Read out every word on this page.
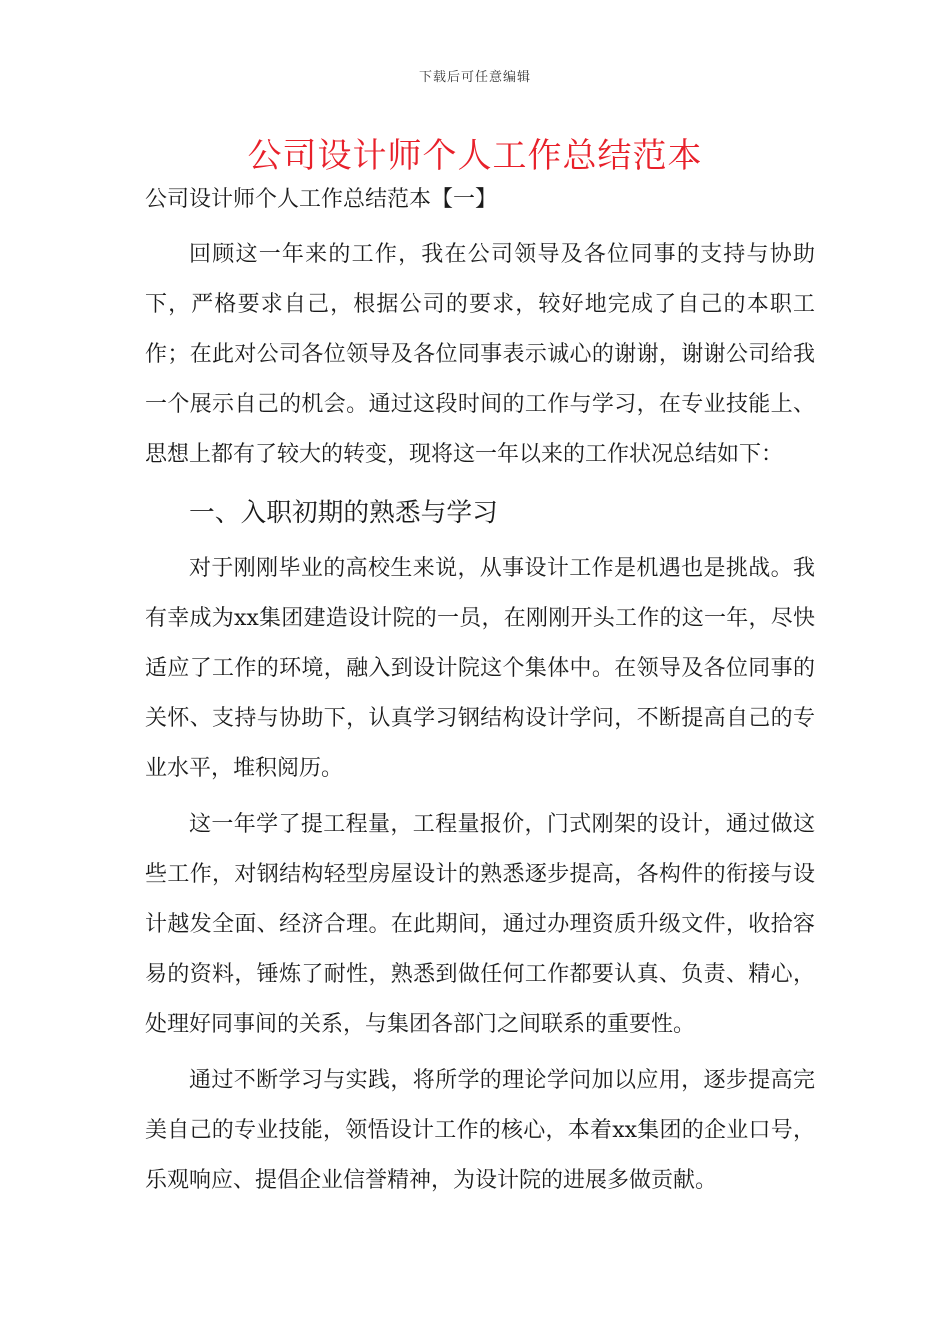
下载后可任意编辑
公司设计师个人工作总结范本
公司设计师个人工作总结范本【一】

回顾这一年来的工作，我在公司领导及各位同事的支持与协助下，严格要求自己，根据公司的要求，较好地完成了自己的本职工作；在此对公司各位领导及各位同事表示诚心的谢谢，谢谢公司给我一个展示自己的机会。通过这段时间的工作与学习，在专业技能上、思想上都有了较大的转变，现将这一年以来的工作状况总结如下：

一、入职初期的熟悉与学习

对于刚刚毕业的高校生来说，从事设计工作是机遇也是挑战。我有幸成为xx集团建造设计院的一员，在刚刚开头工作的这一年，尽快适应了工作的环境，融入到设计院这个集体中。在领导及各位同事的关怀、支持与协助下，认真学习钢结构设计学问，不断提高自己的专业水平，堆积阅历。

这一年学了提工程量，工程量报价，门式刚架的设计，通过做这些工作，对钢结构轻型房屋设计的熟悉逐步提高，各构件的衔接与设计越发全面、经济合理。在此期间，通过办理资质升级文件，收拾容易的资料，锤炼了耐性，熟悉到做任何工作都要认真、负责、精心，处理好同事间的关系，与集团各部门之间联系的重要性。

通过不断学习与实践，将所学的理论学问加以应用，逐步提高完美自己的专业技能，领悟设计工作的核心，本着xx集团的企业口号，乐观响应、提倡企业信誉精神，为设计院的进展多做贡献。
